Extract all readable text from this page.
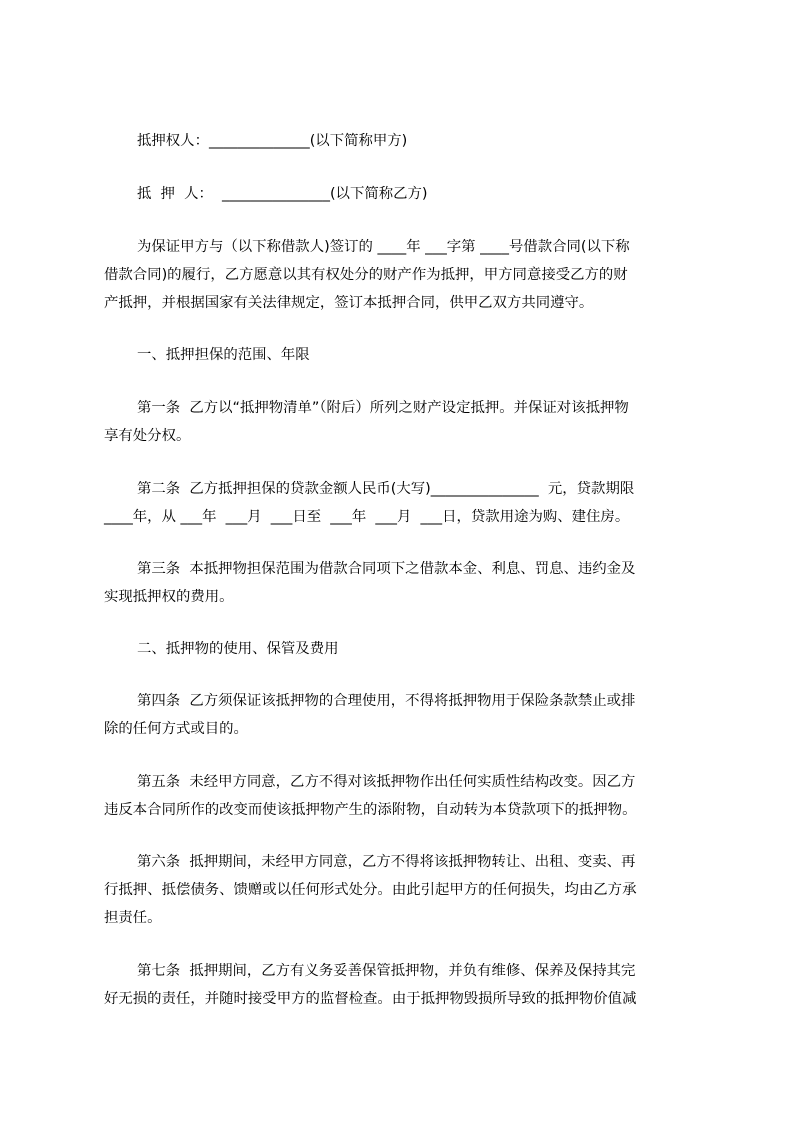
抵押权人：______________(以下简称甲方)
抵  押  人：  _______________(以下简称乙方)
为保证甲方与（以下称借款人)签订的 ____年 ___字第 ____号借款合同(以下称
借款合同)的履行，乙方愿意以其有权处分的财产作为抵押，甲方同意接受乙方的财
产抵押，并根据国家有关法律规定，签订本抵押合同，供甲乙双方共同遵守。
一、抵押担保的范围、年限
第一条  乙方以“抵押物清单”（附后）所列之财产设定抵押。并保证对该抵押物
享有处分权。
第二条  乙方抵押担保的贷款金额人民币(大写)_______________  元，贷款期限
____年，从 ___年  ___月  ___日至  ___年  ___月  ___日，贷款用途为购、建住房。
第三条  本抵押物担保范围为借款合同项下之借款本金、利息、罚息、违约金及
实现抵押权的费用。
二、抵押物的使用、保管及费用
第四条  乙方须保证该抵押物的合理使用，不得将抵押物用于保险条款禁止或排
除的任何方式或目的。
第五条  未经甲方同意，乙方不得对该抵押物作出任何实质性结构改变。因乙方
违反本合同所作的改变而使该抵押物产生的添附物，自动转为本贷款项下的抵押物。
第六条  抵押期间，未经甲方同意，乙方不得将该抵押物转让、出租、变卖、再
行抵押、抵偿债务、馈赠或以任何形式处分。由此引起甲方的任何损失，均由乙方承
担责任。
第七条  抵押期间，乙方有义务妥善保管抵押物，并负有维修、保养及保持其完
好无损的责任，并随时接受甲方的监督检查。由于抵押物毁损所导致的抵押物价值减
